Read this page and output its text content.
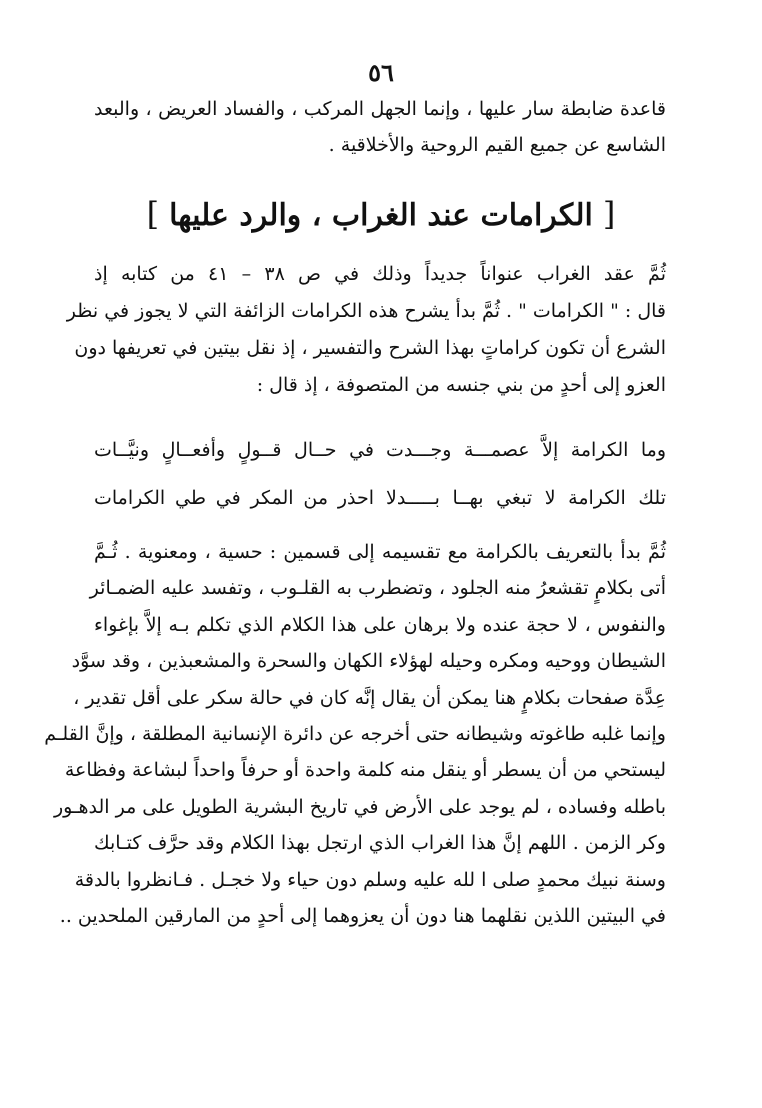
٥٦
قاعدة ضابطة سار عليها ، وإنما الجهل المركب ، والفساد العريض ، والبعد
الشاسع عن جميع القيم الروحية والأخلاقية .
[الكرامات عند الغراب ، والرد عليها]
ثُمَّ عقد الغراب عنواناً جديداً وذلك في ص ٣٨ – ٤١ من كتابه إذ
قال : " الكرامات " . ثُمَّ بدأ يشرح هذه الكرامات الزائفة التي لا يجوز في نظر
الشرع أن تكون كراماتٍ بهذا الشرح والتفسير ، إذ نقل بيتين في تعريفها دون
العزو إلى أحدٍ من بني جنسه من المتصوفة ، إذ قال :
وما الكرامة إلاَّ عصمـــة وجـــدتفي حــال قــولٍ وأفعــالٍ ونيَّــات
تلك الكرامة لا تبغي بهــا بـــــدلااحذر من المكر في طي الكرامات
ثُمَّ بدأ بالتعريف بالكرامة مع تقسيمه إلى قسمين : حسية ، ومعنوية . ثُـمَّ
أتى بكلامٍ تقشعرُ منه الجلود ، وتضطرب به القلـوب ، وتفسد عليه الضمـائر
والنفوس ، لا حجة عنده ولا برهان على هذا الكلام الذي تكلم بـه إلاَّ بإغواء
الشيطان ووحيه ومكره وحيله لهؤلاء الكهان والسحرة والمشعبذين ، وقد سوَّد
عِدَّة صفحات بكلامٍ هنا يمكن أن يقال إنَّه كان في حالة سكر على أقل تقدير ،
وإنما غلبه طاغوته وشيطانه حتى أخرجه عن دائرة الإنسانية المطلقة ، وإنَّ القلـم
ليستحي من أن يسطر أو ينقل منه كلمة واحدة أو حرفاً واحداً لبشاعة وفظاعة
باطله وفساده ، لم يوجد على الأرض في تاريخ البشرية الطويل على مر الدهـور
وكر الزمن . اللهم إنَّ هذا الغراب الذي ارتجل بهذا الكلام وقد حرَّف كتـابك
وسنة نبيك محمدٍ صلى ا لله عليه وسلم دون حياء ولا خجـل . فـانظروا بالدقة
في البيتين اللذين نقلهما هنا دون أن يعزوهما إلى أحدٍ من المارقين الملحدين ..
